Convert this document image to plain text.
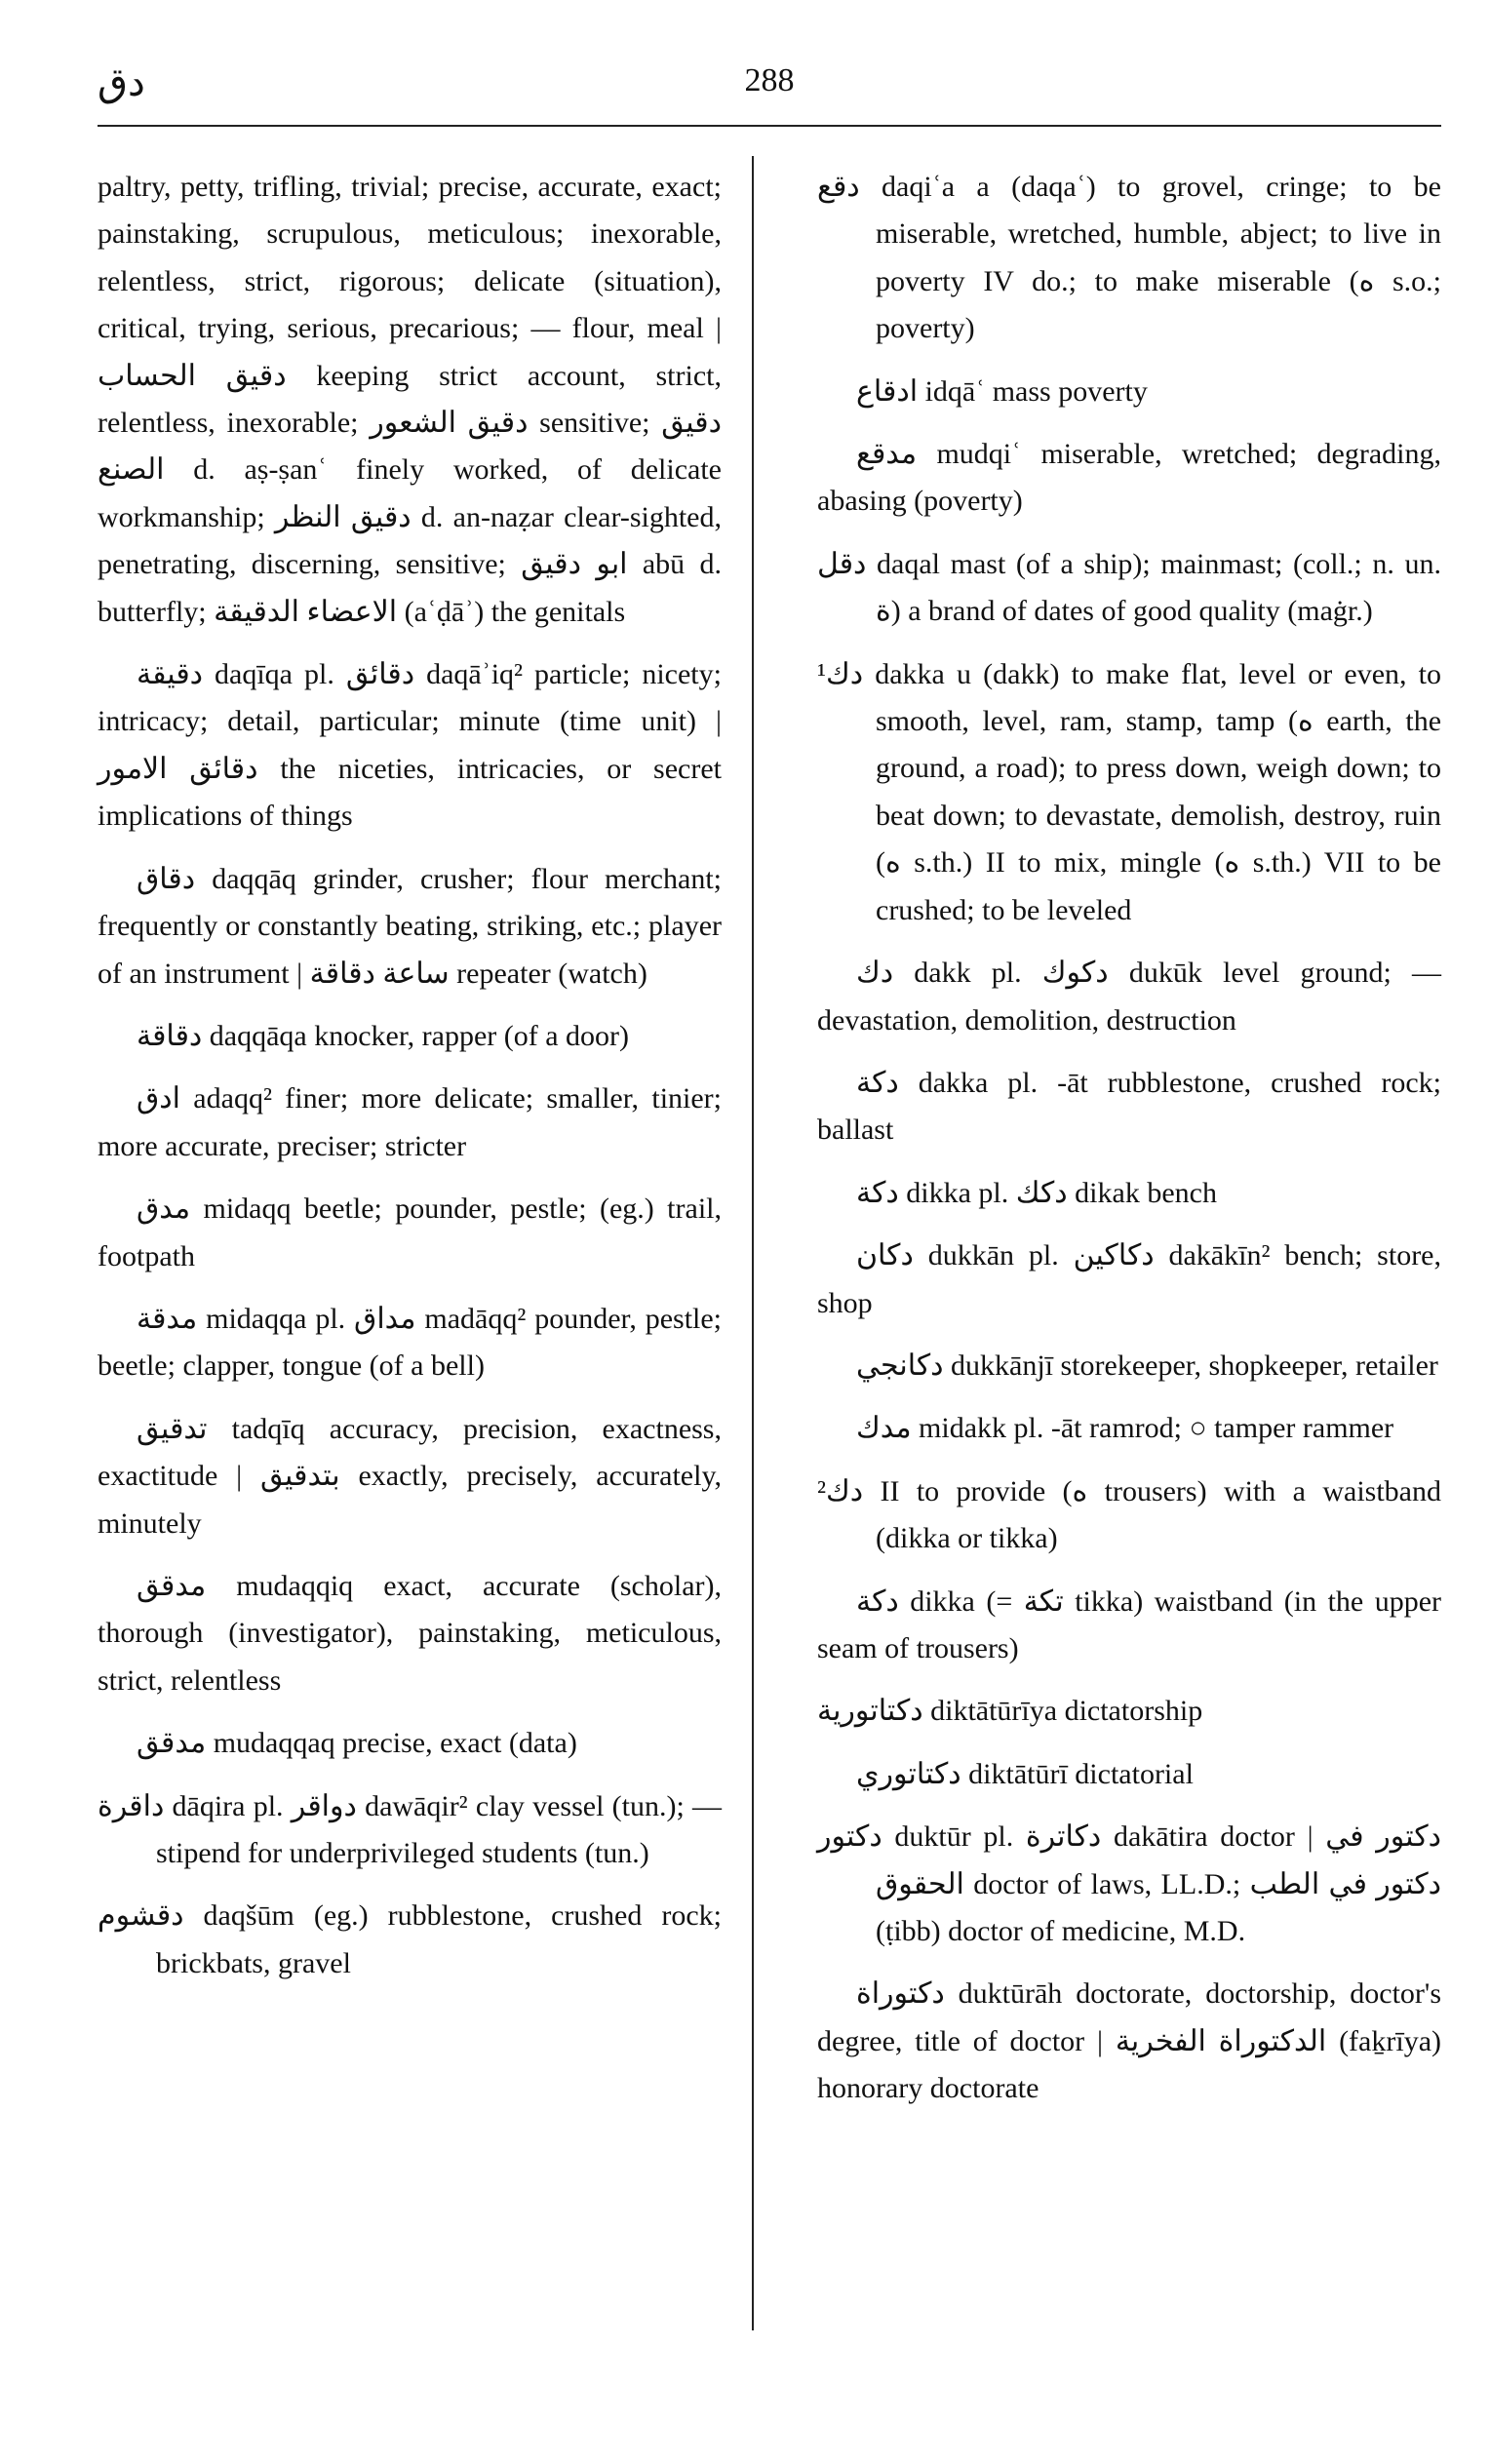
دق	288

paltry, petty, trifling, trivial; precise, accurate, exact; painstaking, scrupulous, meticulous; inexorable, relentless, strict, rigorous; delicate (situation), critical, trying, serious, precarious; — flour, meal | دقيق الحساب keeping strict account, strict, relentless, inexorable; دقيق الشعور sensitive; دقيق الصنع d. aṣ-ṣanʿ finely worked, of delicate workmanship; دقيق النظر d. an-naẓar clear-sighted, penetrating, discerning, sensitive; ابو دقيق abū d. butterfly; الاعضاء الدقيقة (aʿḍāʾ) the genitals

دقيقة daqīqa pl. دقائق daqāʾiq² particle; nicety; intricacy; detail, particular; minute (time unit) | دقائق الامور the niceties, intricacies, or secret implications of things

دقاق daqqāq grinder, crusher; flour merchant; frequently or constantly beating, striking, etc.; player of an instrument | ساعة دقاقة repeater (watch)

دقاقة daqqāqa knocker, rapper (of a door)

ادق adaqq² finer; more delicate; smaller, tinier; more accurate, preciser; stricter

مدق midaqq beetle; pounder, pestle; (eg.) trail, footpath

مدقة midaqqa pl. مداق madāqq² pounder, pestle; beetle; clapper, tongue (of a bell)

تدقيق tadqīq accuracy, precision, exactness, exactitude | بتدقيق exactly, precisely, accurately, minutely

مدقق mudaqqiq exact, accurate (scholar), thorough (investigator), painstaking, meticulous, strict, relentless

مدقق mudaqqaq precise, exact (data)

داقرة dāqira pl. دواقر dawāqir² clay vessel (tun.); — stipend for underprivileged students (tun.)

دقشوم daqšūm (eg.) rubblestone, crushed rock; brickbats, gravel

دقع daqiʿa a (daqaʿ) to grovel, cringe; to be miserable, wretched, humble, abject; to live in poverty IV do.; to make miserable (ه s.o.; poverty)

ادقاع idqāʿ mass poverty

مدقع mudqiʿ miserable, wretched; degrading, abasing (poverty)

دقل daqal mast (of a ship); mainmast; (coll.; n. un. ة) a brand of dates of good quality (maġr.)

¹دك dakka u (dakk) to make flat, level or even, to smooth, level, ram, stamp, tamp (ه earth, the ground, a road); to press down, weigh down; to beat down; to devastate, demolish, destroy, ruin (ه s.th.) II to mix, mingle (ه s.th.) VII to be crushed; to be leveled

دك dakk pl. دكوك dukūk level ground; — devastation, demolition, destruction

دكة dakka pl. -āt rubblestone, crushed rock; ballast

دكة dikka pl. دكك dikak bench

دكان dukkān pl. دكاكين dakākīn² bench; store, shop

دكانجي dukkānjī storekeeper, shopkeeper, retailer

مدك midakk pl. -āt ramrod; ○ tamper rammer

²دك II to provide (ه trousers) with a waistband (dikka or tikka)

دكة dikka (= تكة tikka) waistband (in the upper seam of trousers)

دكتاتورية diktātūrīya dictatorship

دكتاتوري diktātūrī dictatorial

دكتور duktūr pl. دكاترة dakātira doctor | دكتور في الحقوق doctor of laws, LL.D.; دكتور في الطب (ṭibb) doctor of medicine, M.D.

دكتوراة duktūrāh doctorate, doctorship, doctor's degree, title of doctor | الدكتوراة الفخرية (faḵrīya) honorary doctorate
